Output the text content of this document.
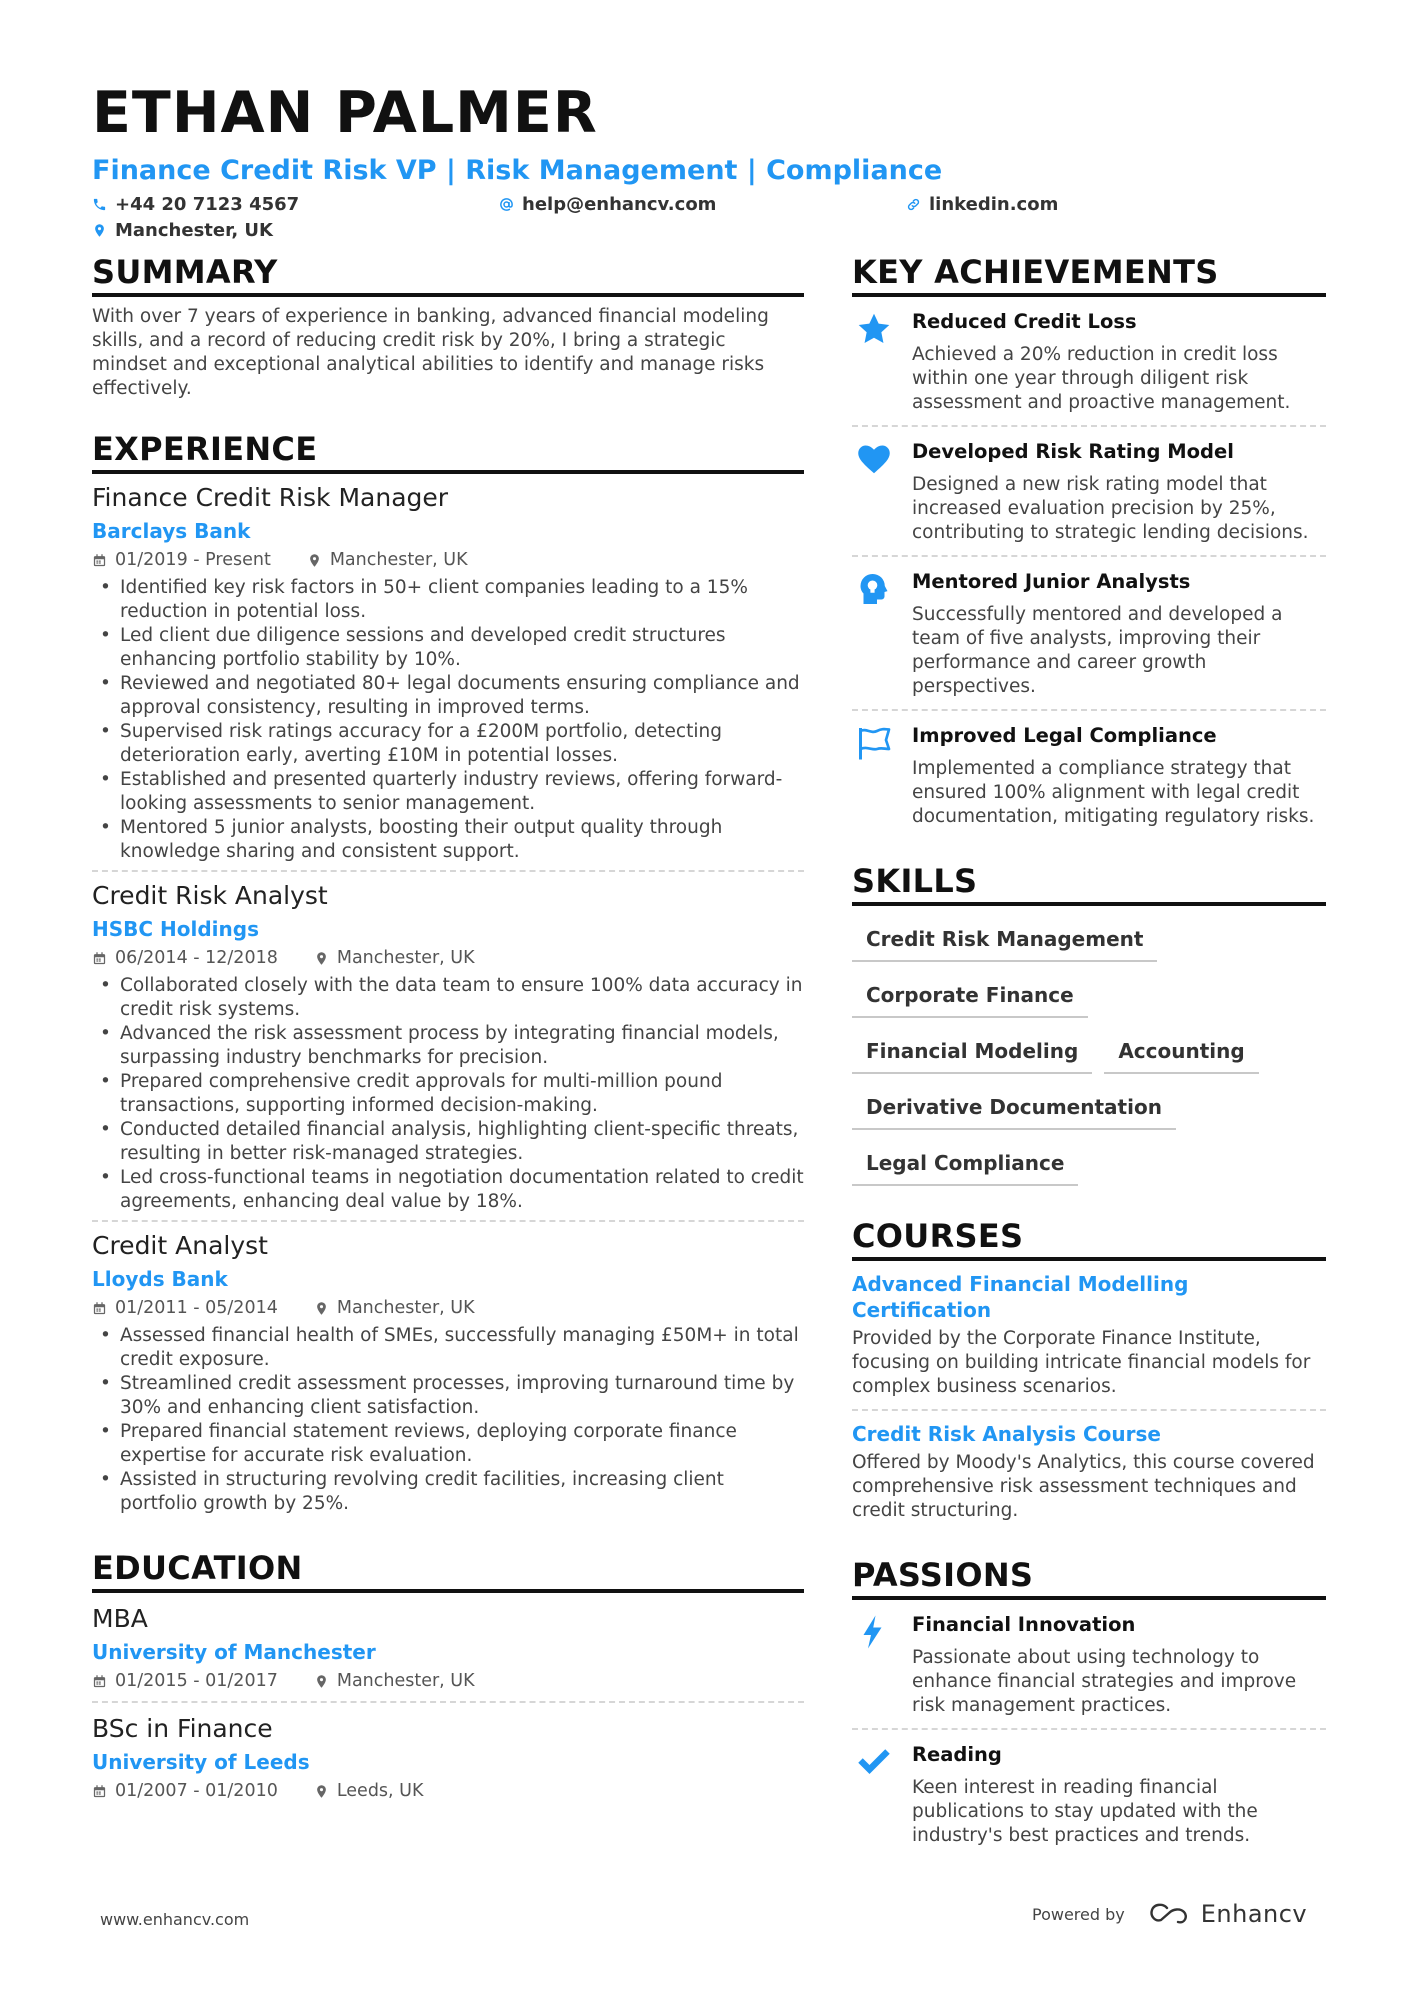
ETHAN PALMER
Finance Credit Risk VP | Risk Management | Compliance
+44 20 7123 4567	help@enhancv.com	linkedin.com
Manchester, UK
SUMMARY
With over 7 years of experience in banking, advanced financial modeling skills, and a record of reducing credit risk by 20%, I bring a strategic mindset and exceptional analytical abilities to identify and manage risks effectively.
EXPERIENCE
Finance Credit Risk Manager
Barclays Bank
01/2019 - Present	Manchester, UK
• Identified key risk factors in 50+ client companies leading to a 15% reduction in potential loss.
• Led client due diligence sessions and developed credit structures enhancing portfolio stability by 10%.
• Reviewed and negotiated 80+ legal documents ensuring compliance and approval consistency, resulting in improved terms.
• Supervised risk ratings accuracy for a £200M portfolio, detecting deterioration early, averting £10M in potential losses.
• Established and presented quarterly industry reviews, offering forward-looking assessments to senior management.
• Mentored 5 junior analysts, boosting their output quality through knowledge sharing and consistent support.
Credit Risk Analyst
HSBC Holdings
06/2014 - 12/2018	Manchester, UK
• Collaborated closely with the data team to ensure 100% data accuracy in credit risk systems.
• Advanced the risk assessment process by integrating financial models, surpassing industry benchmarks for precision.
• Prepared comprehensive credit approvals for multi-million pound transactions, supporting informed decision-making.
• Conducted detailed financial analysis, highlighting client-specific threats, resulting in better risk-managed strategies.
• Led cross-functional teams in negotiation documentation related to credit agreements, enhancing deal value by 18%.
Credit Analyst
Lloyds Bank
01/2011 - 05/2014	Manchester, UK
• Assessed financial health of SMEs, successfully managing £50M+ in total credit exposure.
• Streamlined credit assessment processes, improving turnaround time by 30% and enhancing client satisfaction.
• Prepared financial statement reviews, deploying corporate finance expertise for accurate risk evaluation.
• Assisted in structuring revolving credit facilities, increasing client portfolio growth by 25%.
EDUCATION
MBA
University of Manchester
01/2015 - 01/2017	Manchester, UK
BSc in Finance
University of Leeds
01/2007 - 01/2010	Leeds, UK
KEY ACHIEVEMENTS
Reduced Credit Loss
Achieved a 20% reduction in credit loss within one year through diligent risk assessment and proactive management.
Developed Risk Rating Model
Designed a new risk rating model that increased evaluation precision by 25%, contributing to strategic lending decisions.
Mentored Junior Analysts
Successfully mentored and developed a team of five analysts, improving their performance and career growth perspectives.
Improved Legal Compliance
Implemented a compliance strategy that ensured 100% alignment with legal credit documentation, mitigating regulatory risks.
SKILLS
Credit Risk Management
Corporate Finance
Financial Modeling	Accounting
Derivative Documentation
Legal Compliance
COURSES
Advanced Financial Modelling Certification
Provided by the Corporate Finance Institute, focusing on building intricate financial models for complex business scenarios.
Credit Risk Analysis Course
Offered by Moody's Analytics, this course covered comprehensive risk assessment techniques and credit structuring.
PASSIONS
Financial Innovation
Passionate about using technology to enhance financial strategies and improve risk management practices.
Reading
Keen interest in reading financial publications to stay updated with the industry's best practices and trends.
www.enhancv.com	Powered by	Enhancv
